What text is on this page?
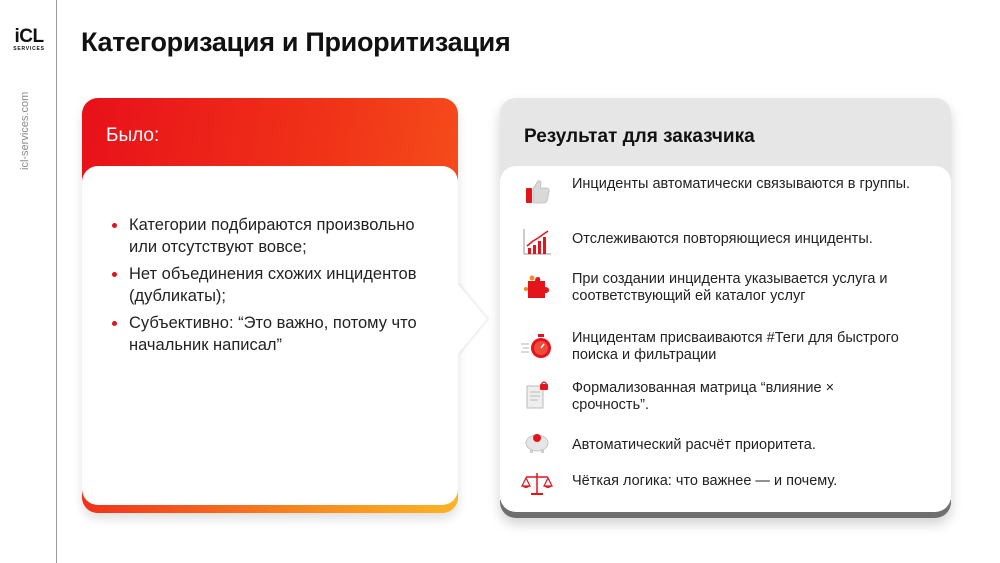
iCL
SERVICES
icl-services.com
Категоризация и Приоритизация
Было:
Категории подбираются произвольно или отсутствуют вовсе;
Нет объединения схожих инцидентов (дубликаты);
Субъективно: “Это важно, потому что начальник написал”
Результат для заказчика
Инциденты автоматически связываются в группы.
Отслеживаются повторяющиеся инциденты.
При создании инцидента указывается услуга и соответствующий ей каталог услуг
Инцидентам присваиваются #Теги для быстрого поиска и фильтрации
Формализованная матрица “влияние × срочность”.
Автоматический расчёт приоритета.
Чёткая логика: что важнее — и почему.
